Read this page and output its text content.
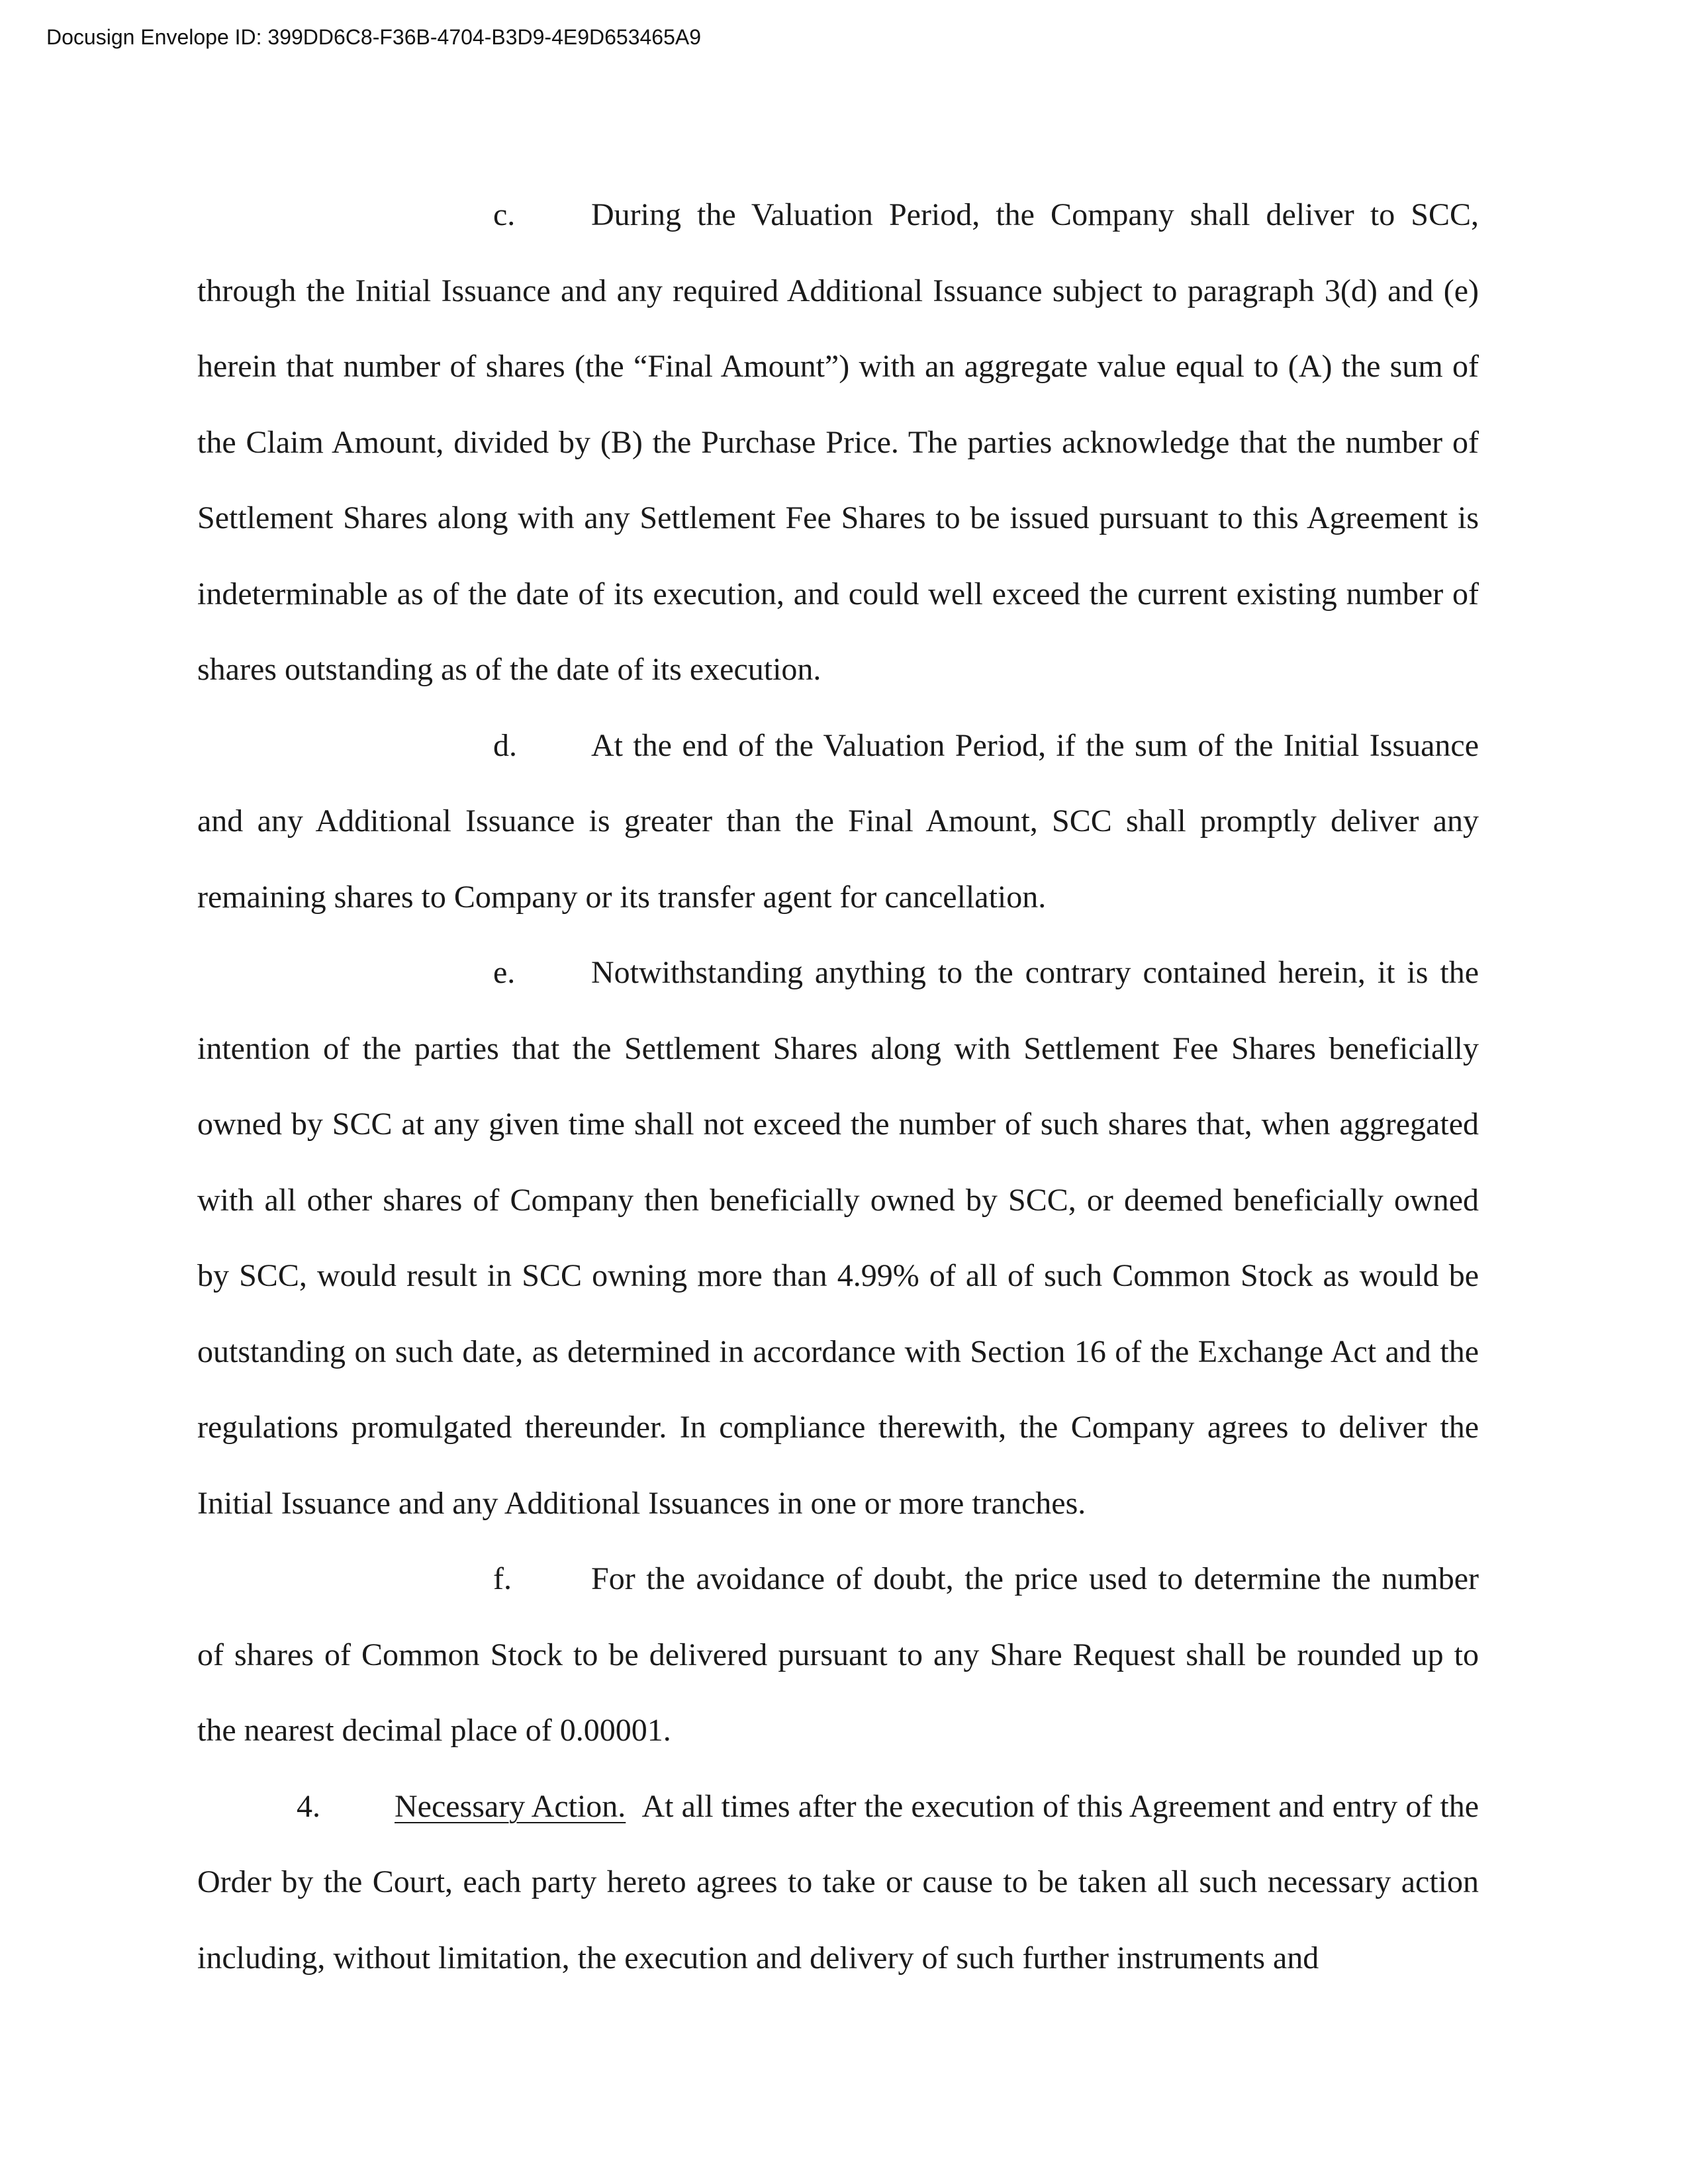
Docusign Envelope ID: 399DD6C8-F36B-4704-B3D9-4E9D653465A9

c. During the Valuation Period, the Company shall deliver to SCC, through the Initial Issuance and any required Additional Issuance subject to paragraph 3(d) and (e) herein that number of shares (the “Final Amount”) with an aggregate value equal to (A) the sum of the Claim Amount, divided by (B) the Purchase Price. The parties acknowledge that the number of Settlement Shares along with any Settlement Fee Shares to be issued pursuant to this Agreement is indeterminable as of the date of its execution, and could well exceed the current existing number of shares outstanding as of the date of its execution.

d. At the end of the Valuation Period, if the sum of the Initial Issuance and any Additional Issuance is greater than the Final Amount, SCC shall promptly deliver any remaining shares to Company or its transfer agent for cancellation.

e. Notwithstanding anything to the contrary contained herein, it is the intention of the parties that the Settlement Shares along with Settlement Fee Shares beneficially owned by SCC at any given time shall not exceed the number of such shares that, when aggregated with all other shares of Company then beneficially owned by SCC, or deemed beneficially owned by SCC, would result in SCC owning more than 4.99% of all of such Common Stock as would be outstanding on such date, as determined in accordance with Section 16 of the Exchange Act and the regulations promulgated thereunder. In compliance therewith, the Company agrees to deliver the Initial Issuance and any Additional Issuances in one or more tranches.

f.	For the avoidance of doubt, the price used to determine the number of shares of Common Stock to be delivered pursuant to any Share Request shall be rounded up to the nearest decimal place of 0.00001.

4. Necessary Action. At all times after the execution of this Agreement and entry of the Order by the Court, each party hereto agrees to take or cause to be taken all such necessary action including, without limitation, the execution and delivery of such further instruments and
